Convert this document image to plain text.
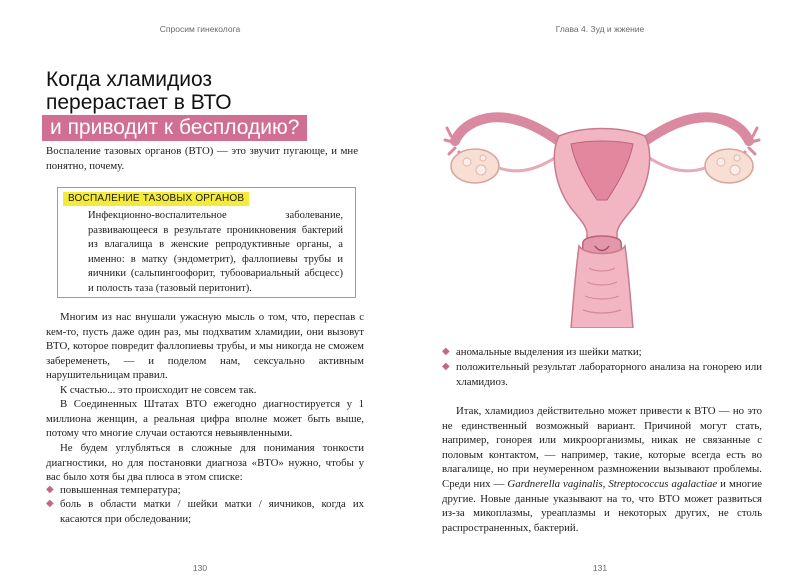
Спросим гинеколога
Когда хламидиоз
перерастает в ВТО
и приводит к бесплодию?

Воспаление тазовых органов (ВТО) — это звучит пугающе, и мне понятно, почему.

ВОСПАЛЕНИЕ ТАЗОВЫХ ОРГАНОВ

Инфекционно-воспалительное заболевание, развивающееся в результате проникновения бактерий из влагалища в женские репродуктивные органы, а именно: в матку (эндометрит), фаллопиевы трубы и яичники (сальпингоофорит, тубоовариальный абсцесс) и полость таза (тазовый перитонит).

Многим из нас внушали ужасную мысль о том, что, переспав с кем-то, пусть даже один раз, мы подхватим хламидии, они вызовут ВТО, которое повредит фаллопиевы трубы, и мы никогда не сможем забеременеть, — и поделом нам, сексуально активным нарушительницам правил.

К счастью... это происходит не совсем так.

В Соединенных Штатах ВТО ежегодно диагностируется у 1 миллиона женщин, а реальная цифра вполне может быть выше, потому что многие случаи остаются невыявленными.

Не будем углубляться в сложные для понимания тонкости диагностики, но для постановки диагноза «ВТО» нужно, чтобы у вас было хотя бы два плюса в этом списке:

◆ повышенная температура;
◆ боль в области матки / шейки матки / яичников, когда их касаются при обследовании;
130
Глава 4. Зуд и жжение
◆ аномальные выделения из шейки матки;
◆ положительный результат лабораторного анализа на гонорею или хламидиоз.

Итак, хламидиоз действительно может привести к ВТО — но это не единственный возможный вариант. Причиной могут стать, например, гонорея или микроорганизмы, никак не связанные с половым контактом, — например, такие, которые всегда есть во влагалище, но при неумеренном размножении вызывают проблемы. Среди них — Gardnerella vaginalis, Streptococcus agalactiae и многие другие. Новые данные указывают на то, что ВТО может развиться из-за микоплазмы, уреаплазмы и некоторых других, не столь распространенных, бактерий.

131
